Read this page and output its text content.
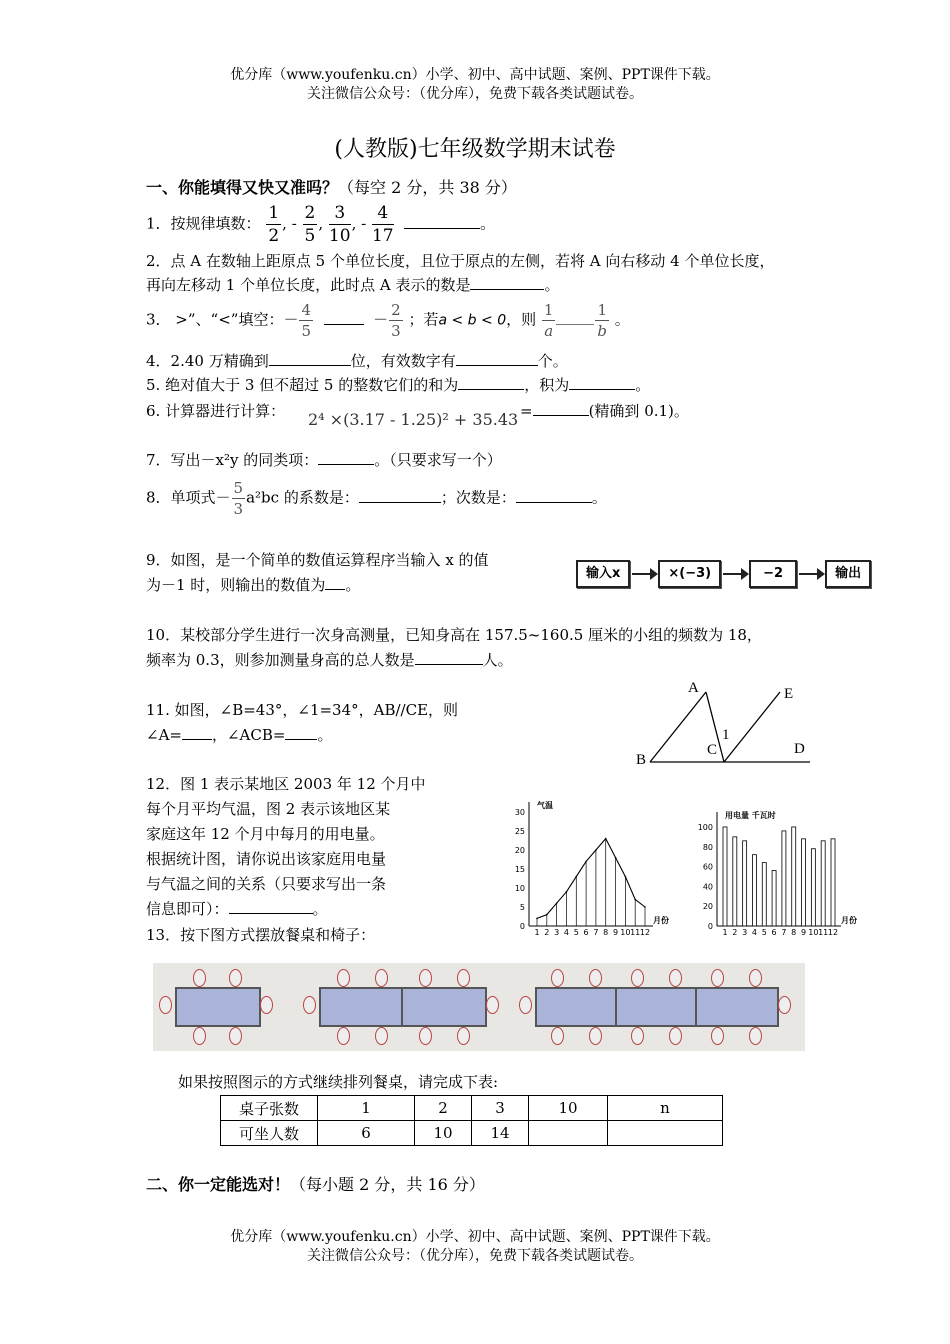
优分库（www.youfenku.cn）小学、初中、高中试题、案例、PPT课件下载。
关注微信公众号：（优分库），免费下载各类试题试卷。
(人教版)七年级数学期末试卷
一、你能填得又快又准吗？（每空 2 分，共 38 分）
1．按规律填数： $\frac{1}{2}$ , - $\frac{2}{5}$ , $\frac{3}{10}$ , - $\frac{4}{17}$	。
2．点 A 在数轴上距原点 5 个单位长度，且位于原点的左侧，若将 A 向右移动 4 个单位长度，
再向左移动 1 个单位长度，此时点 A 表示的数是	。
3． >”、“<”填空：－ $\frac{4}{5}$	－ $\frac{2}{3}$ ；若a < b < 0，则 $\frac{1}{a}$	$\frac{1}{b}$ 。
4．2.40 万精确到	位，有效数字有	个。
5. 绝对值大于 3 但不超过 5 的整数它们的和为	，积为	。
6. 计算器进行计算： 2⁴ ×(3.17 - 1.25)² + 35.43 =	(精确到 0.1)。
7．写出－x²y 的同类项：	。（只要求写一个）
8．单项式－ $\frac{5}{3} a^2bc$ 的系数是：	；次数是：	。
9．如图，是一个简单的数值运算程序当输入 x 的值
为－1 时，则输出的数值为 。
输入x	×(−3)	−2	输出
10．某校部分学生进行一次身高测量，已知身高在 157.5~160.5 厘米的小组的频数为 18，
频率为 0.3，则参加测量身高的总人数是	人。
11. 如图，∠B=43°，∠1=34°，AB//CE，则
∠A= ，∠ACB= 。
A
B
C	D
E
1
12．图 1 表示某地区 2003 年 12 个月中
每个月平均气温，图 2 表示该地区某
家庭这年 12 个月中每月的用电量。
根据统计图，请你说出该家庭用电量
与气温之间的关系（只要求写出一条
信息即可）：	。
气温
月份
0
5
10
15
20
25
30
1 2 3 4 5 6 7 8 9 10 11 12
用电量 千瓦时
月份
0
20
40
60
80
100
1 2 3 4 5 6 7 8 9 10 11 12
13．按下图方式摆放餐桌和椅子：
如果按照图示的方式继续排列餐桌，请完成下表:
桌子张数	1	2	3	10	n
可坐人数	6	10	14		
二、你一定能选对！（每小题 2 分，共 16 分）
优分库（www.youfenku.cn）小学、初中、高中试题、案例、PPT课件下载。
关注微信公众号：（优分库），免费下载各类试题试卷。
